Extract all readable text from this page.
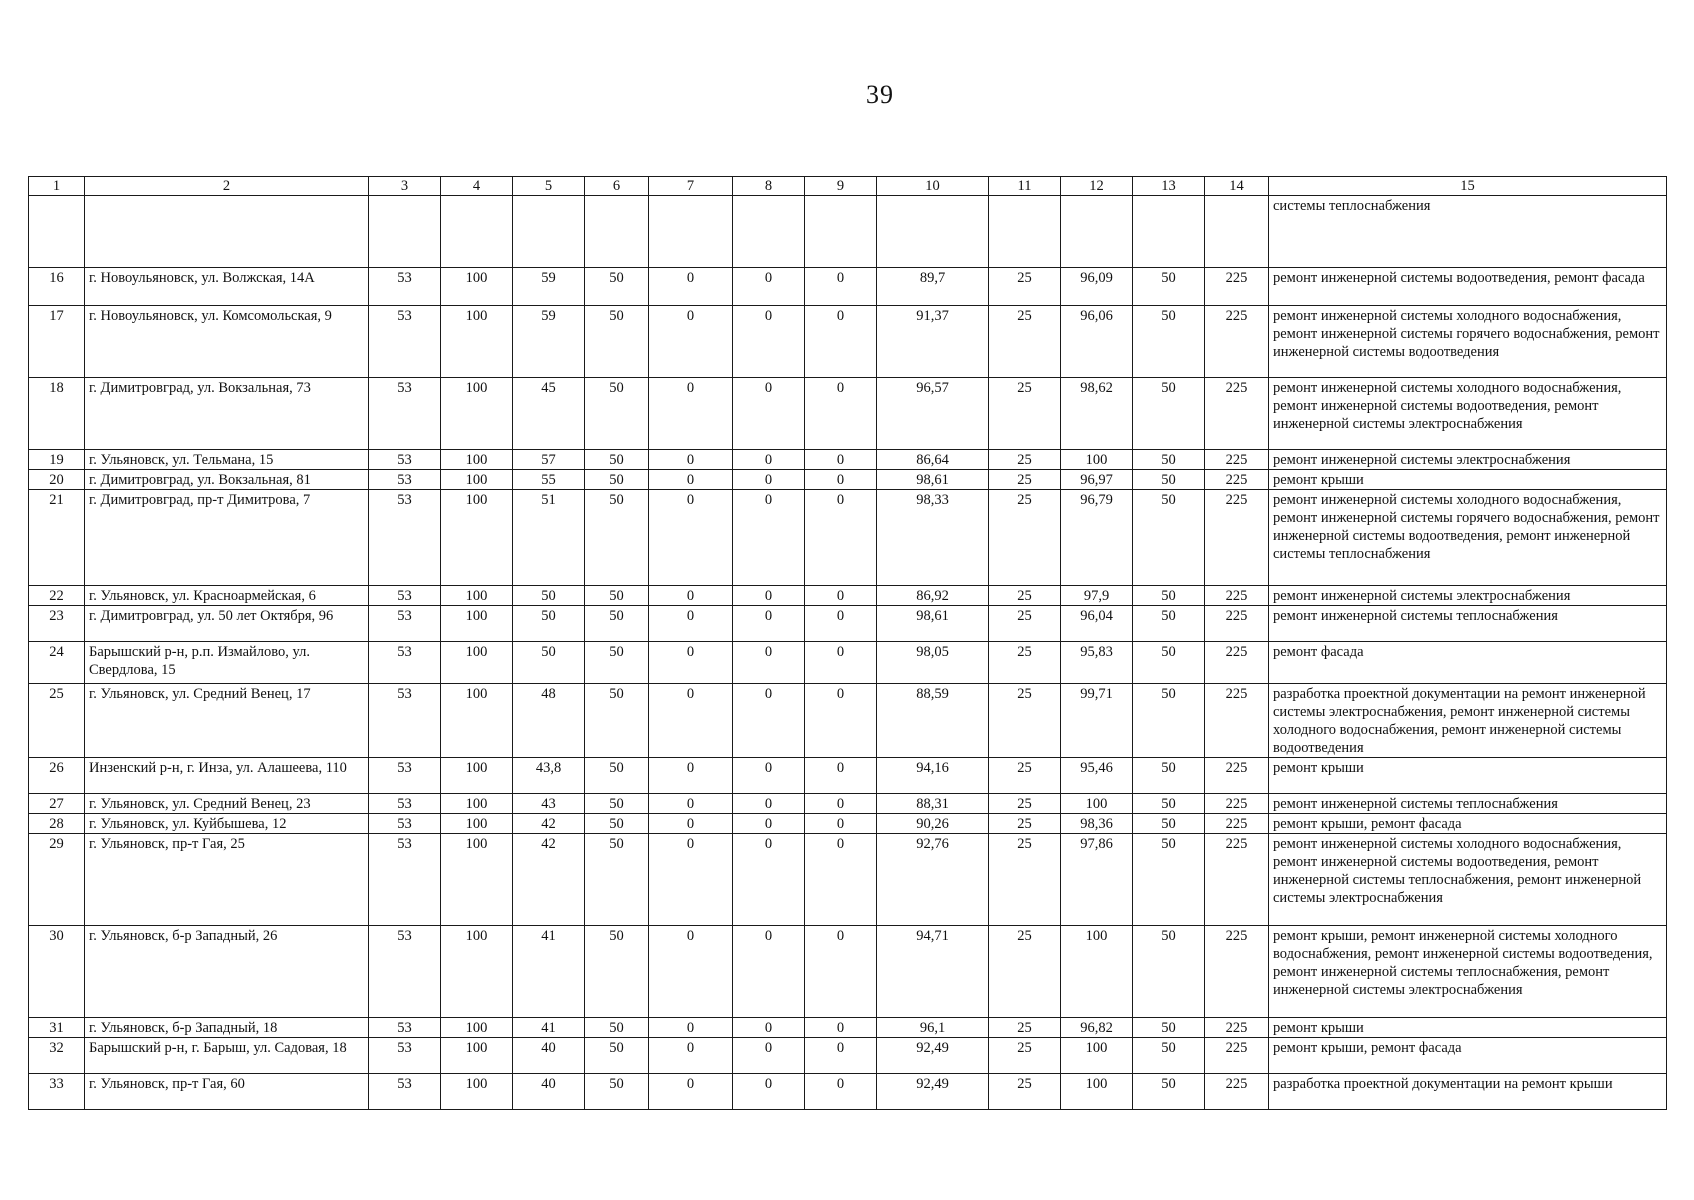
39
1	2	3	4	5	6	7	8	9	10	11	12	13	14	15
														системы теплоснабжения
16	г. Новоульяновск, ул. Волжская, 14А	53	100	59	50	0	0	0	89,7	25	96,09	50	225	ремонт инженерной системы водоотведения, ремонт фасада
17	г. Новоульяновск, ул. Комсомольская, 9	53	100	59	50	0	0	0	91,37	25	96,06	50	225	ремонт инженерной системы холодного водоснабжения, ремонт инженерной системы горячего водоснабжения, ремонт инженерной системы водоотведения
18	г. Димитровград, ул. Вокзальная, 73	53	100	45	50	0	0	0	96,57	25	98,62	50	225	ремонт инженерной системы холодного водоснабжения, ремонт инженерной системы водоотведения, ремонт инженерной системы электроснабжения
19	г. Ульяновск, ул. Тельмана, 15	53	100	57	50	0	0	0	86,64	25	100	50	225	ремонт инженерной системы электроснабжения
20	г. Димитровград, ул. Вокзальная, 81	53	100	55	50	0	0	0	98,61	25	96,97	50	225	ремонт крыши
21	г. Димитровград, пр-т Димитрова, 7	53	100	51	50	0	0	0	98,33	25	96,79	50	225	ремонт инженерной системы холодного водоснабжения, ремонт инженерной системы горячего водоснабжения, ремонт инженерной системы водоотведения, ремонт инженерной системы теплоснабжения
22	г. Ульяновск, ул. Красноармейская, 6	53	100	50	50	0	0	0	86,92	25	97,9	50	225	ремонт инженерной системы электроснабжения
23	г. Димитровград, ул. 50 лет Октября, 96	53	100	50	50	0	0	0	98,61	25	96,04	50	225	ремонт инженерной системы теплоснабжения
24	Барышский р-н, р.п. Измайлово, ул. Свердлова, 15	53	100	50	50	0	0	0	98,05	25	95,83	50	225	ремонт фасада
25	г. Ульяновск, ул. Средний Венец, 17	53	100	48	50	0	0	0	88,59	25	99,71	50	225	разработка проектной документации на ремонт инженерной системы электроснабжения, ремонт инженерной системы холодного водоснабжения, ремонт инженерной системы водоотведения
26	Инзенский р-н, г. Инза, ул. Алашеева, 110	53	100	43,8	50	0	0	0	94,16	25	95,46	50	225	ремонт крыши
27	г. Ульяновск, ул. Средний Венец, 23	53	100	43	50	0	0	0	88,31	25	100	50	225	ремонт инженерной системы теплоснабжения
28	г. Ульяновск, ул. Куйбышева, 12	53	100	42	50	0	0	0	90,26	25	98,36	50	225	ремонт крыши, ремонт фасада
29	г. Ульяновск, пр-т Гая, 25	53	100	42	50	0	0	0	92,76	25	97,86	50	225	ремонт инженерной системы холодного водоснабжения, ремонт инженерной системы водоотведения, ремонт инженерной системы теплоснабжения, ремонт инженерной системы электроснабжения
30	г. Ульяновск, б-р Западный, 26	53	100	41	50	0	0	0	94,71	25	100	50	225	ремонт крыши, ремонт инженерной системы холодного водоснабжения, ремонт инженерной системы водоотведения, ремонт инженерной системы теплоснабжения, ремонт инженерной системы электроснабжения
31	г. Ульяновск, б-р Западный, 18	53	100	41	50	0	0	0	96,1	25	96,82	50	225	ремонт крыши
32	Барышский р-н, г. Барыш, ул. Садовая, 18	53	100	40	50	0	0	0	92,49	25	100	50	225	ремонт крыши, ремонт фасада
33	г. Ульяновск, пр-т Гая, 60	53	100	40	50	0	0	0	92,49	25	100	50	225	разработка проектной документации на ремонт крыши
